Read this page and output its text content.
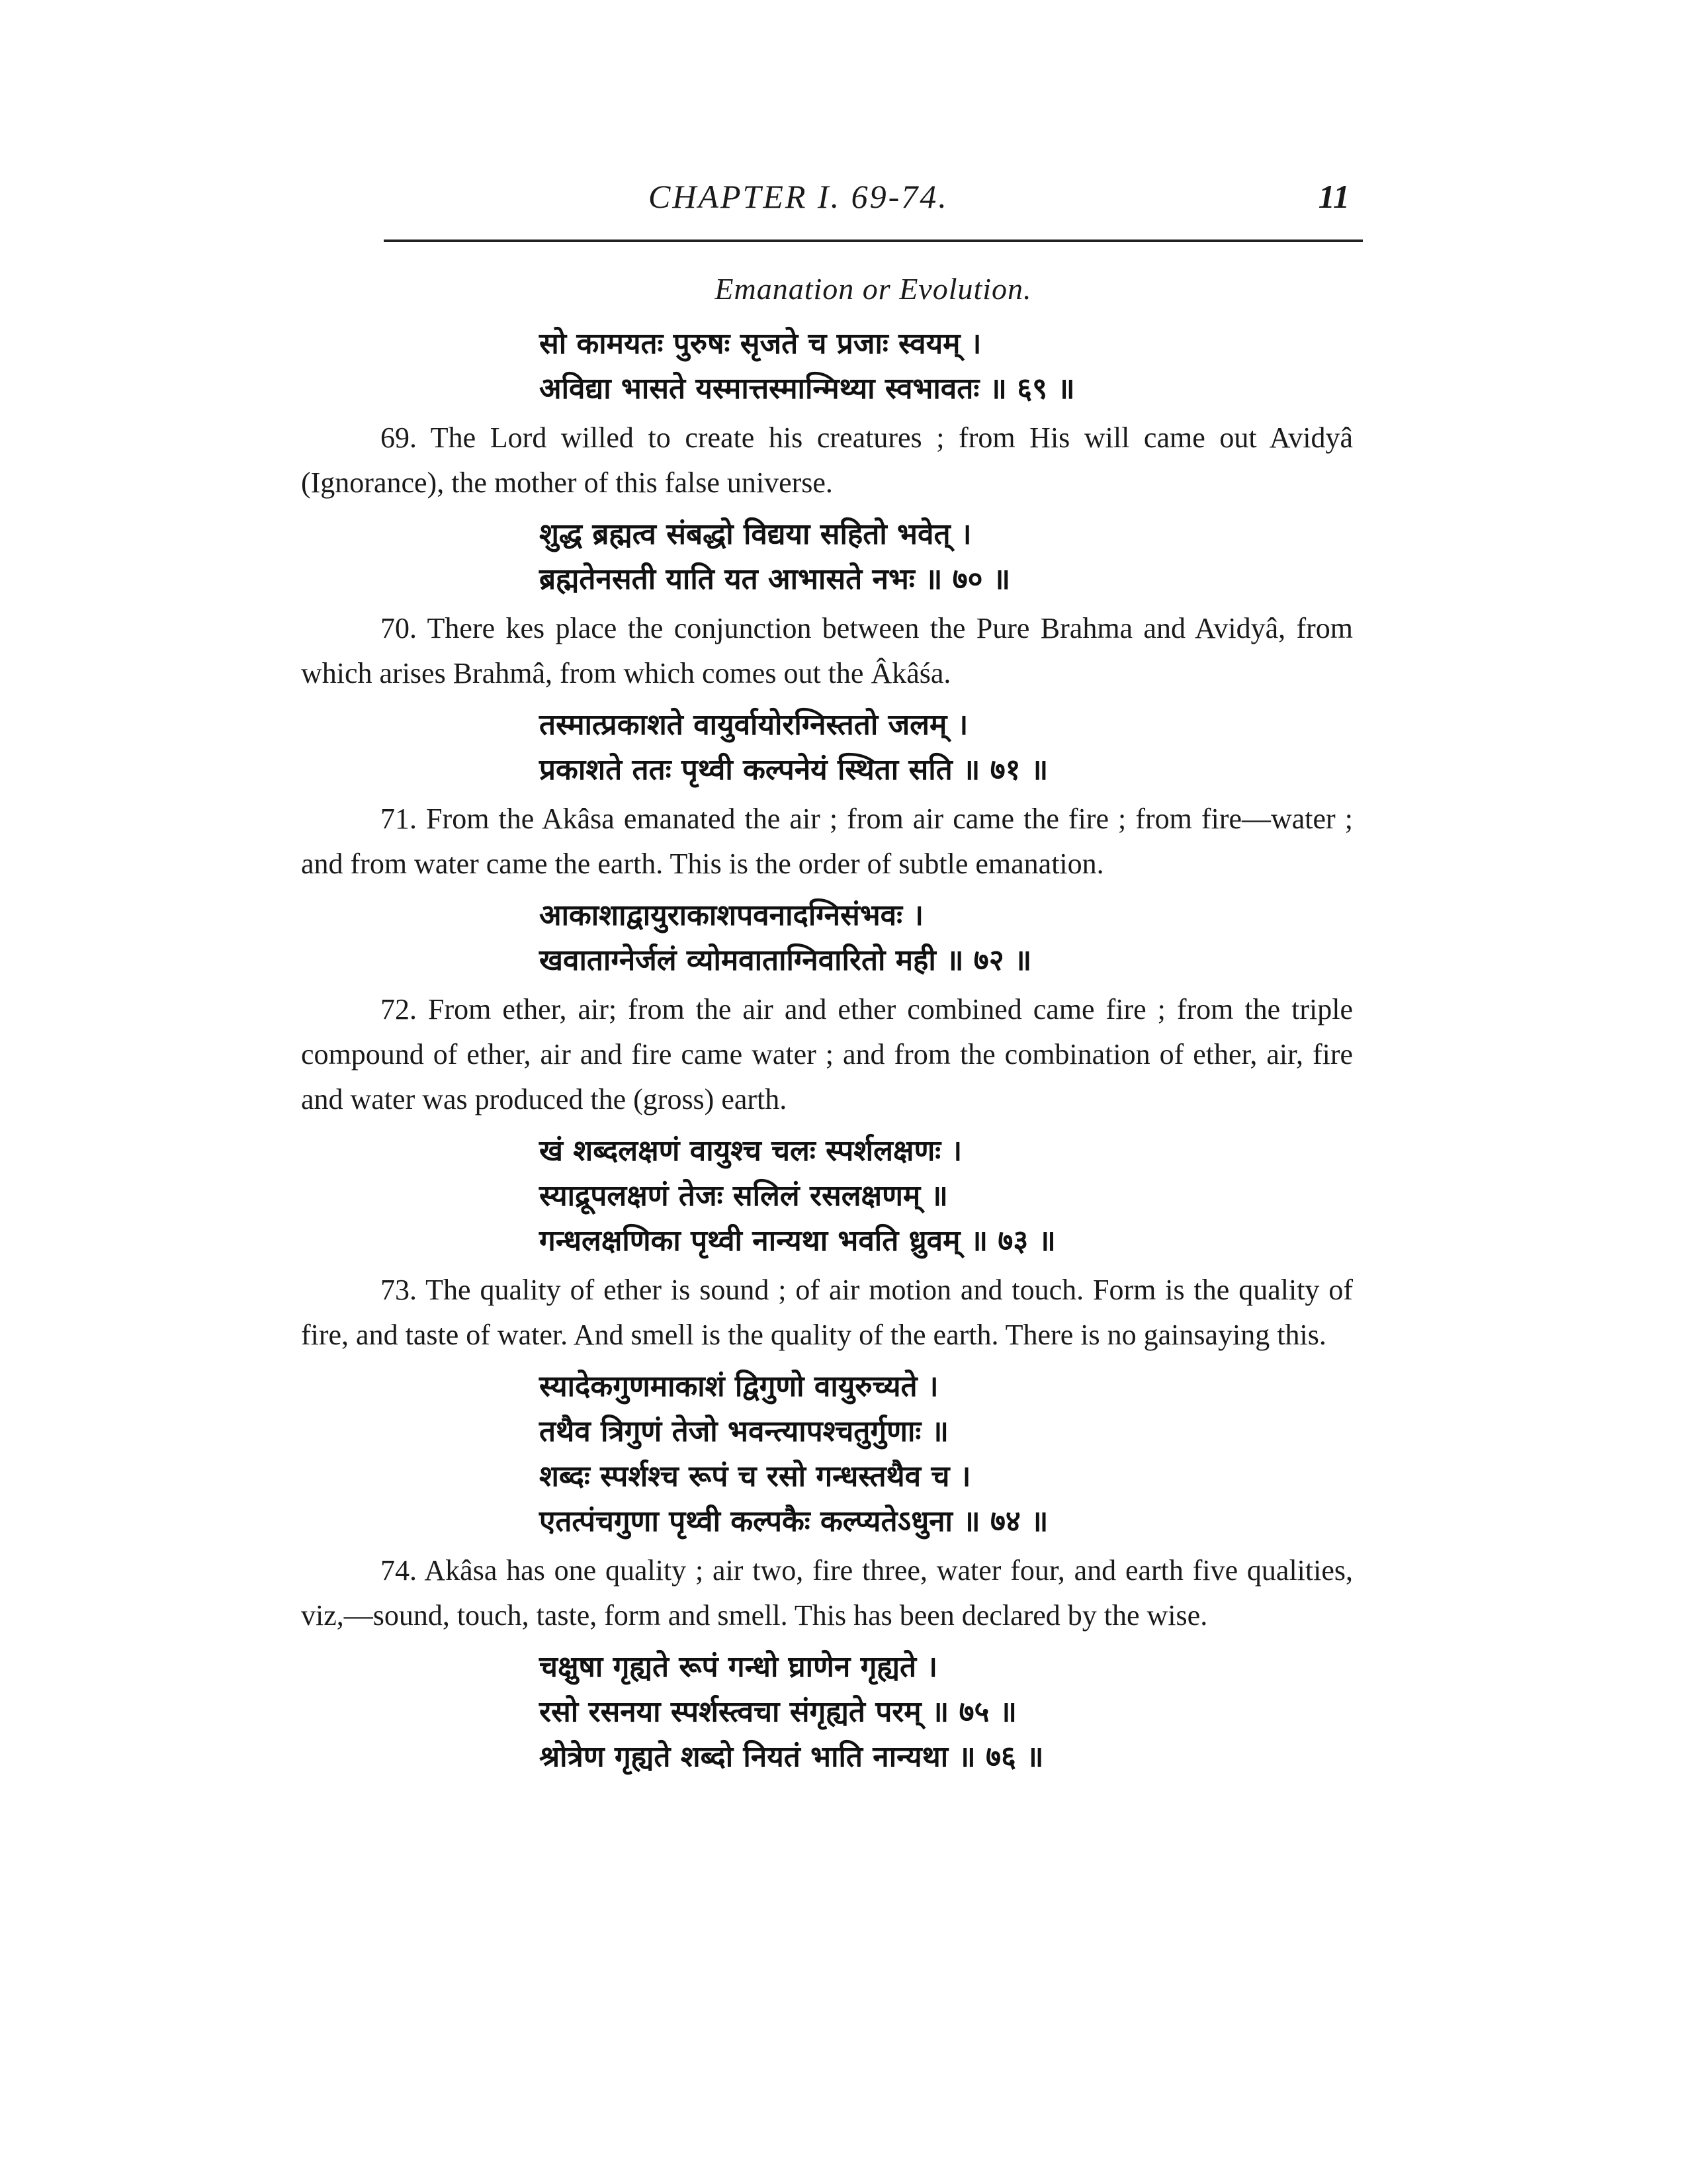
CHAPTER I. 69-74.	11
Emanation or Evolution.
सो कामयतः पुरुषः सृजते च प्रजाः स्वयम् ।
अविद्या भासते यस्मात्तस्मान्मिथ्या स्वभावतः ॥ ६९ ॥

69. The Lord willed to create his creatures ; from His will came out Avidyâ (Ignorance), the mother of this false universe.

शुद्ध ब्रह्मत्व संबद्धो विद्यया सहितो भवेत् ।
ब्रह्मतेनसती याति यत आभासते नभः ॥ ७० ॥

70. There kes place the conjunction between the Pure Brahma and Avidyâ, from which arises Brahmâ, from which comes out the Âkâśa.

तस्मात्प्रकाशते वायुर्वायोरग्निस्ततो जलम् ।
प्रकाशते ततः पृथ्वी कल्पनेयं स्थिता सति ॥ ७१ ॥

71. From the Akâsa emanated the air ; from air came the fire ; from fire—water ; and from water came the earth. This is the order of subtle emanation.

आकाशाद्वायुराकाशपवनादग्निसंभवः ।
खवाताग्नेर्जलं व्योमवाताग्निवारितो मही ॥ ७२ ॥

72. From ether, air; from the air and ether combined came fire ; from the triple compound of ether, air and fire came water ; and from the combination of ether, air, fire and water was produced the (gross) earth.

खं शब्दलक्षणं वायुश्च चलः स्पर्शलक्षणः ।
स्याद्रूपलक्षणं तेजः सलिलं रसलक्षणम् ॥
गन्धलक्षणिका पृथ्वी नान्यथा भवति ध्रुवम् ॥ ७३ ॥

73. The quality of ether is sound ; of air motion and touch. Form is the quality of fire, and taste of water. And smell is the quality of the earth. There is no gainsaying this.

स्यादेकगुणमाकाशं द्विगुणो वायुरुच्यते ।
तथैव त्रिगुणं तेजो भवन्त्यापश्चतुर्गुणाः ॥
शब्दः स्पर्शश्च रूपं च रसो गन्धस्तथैव च ।
एतत्पंचगुणा पृथ्वी कल्पकैः कल्प्यतेऽधुना ॥ ७४ ॥

74. Akâsa has one quality ; air two, fire three, water four, and earth five qualities, viz,—sound, touch, taste, form and smell. This has been declared by the wise.

चक्षुषा गृह्यते रूपं गन्धो घ्राणेन गृह्यते ।
रसो रसनया स्पर्शस्त्वचा संगृह्यते परम् ॥ ७५ ॥
श्रोत्रेण गृह्यते शब्दो नियतं भाति नान्यथा ॥ ७६ ॥
